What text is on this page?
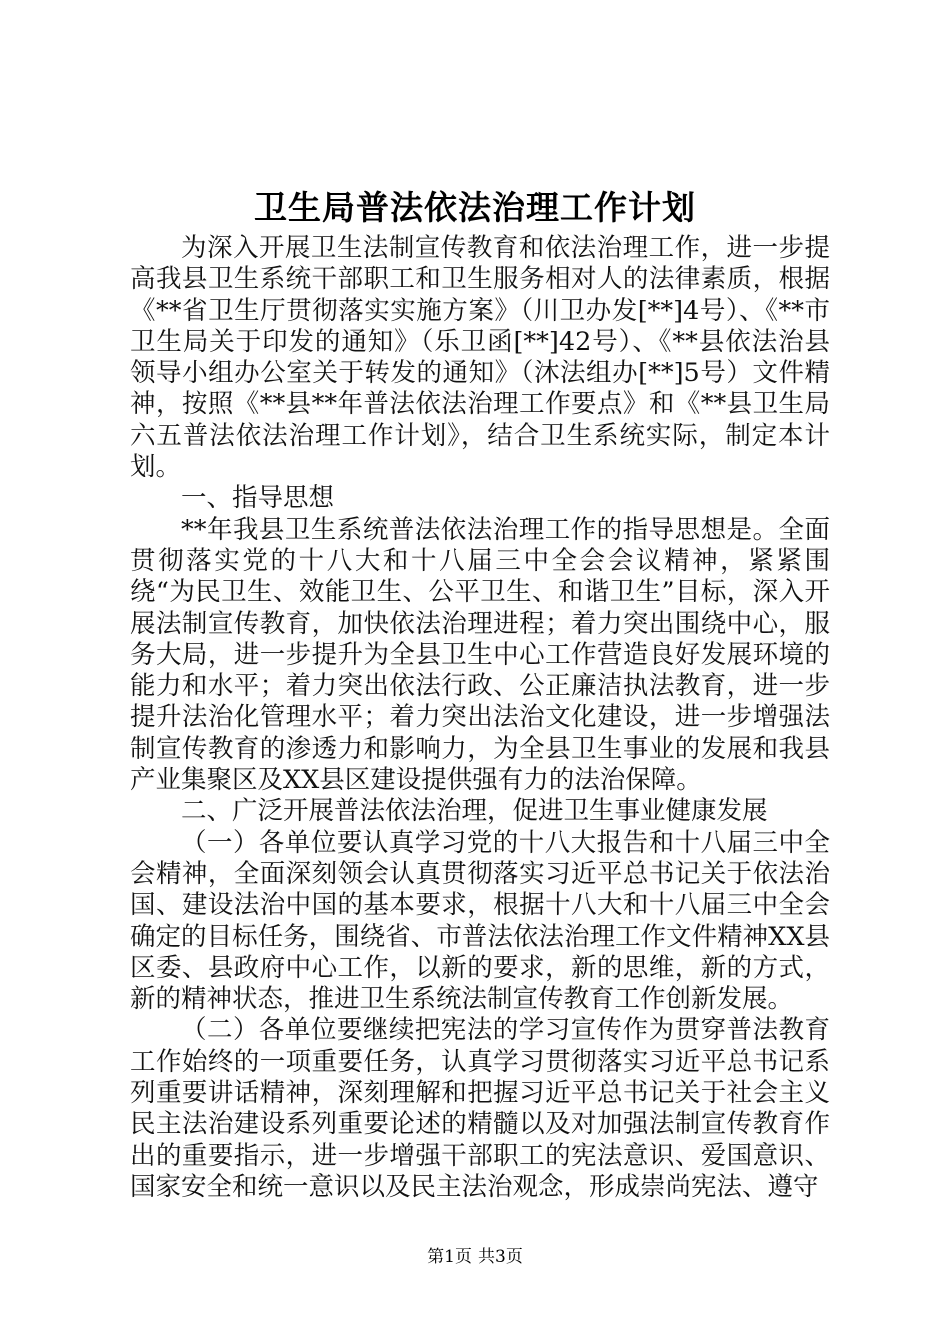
卫生局普法依法治理工作计划

为深入开展卫生法制宣传教育和依法治理工作，进一步提高我县卫生系统干部职工和卫生服务相对人的法律素质，根据《**省卫生厅贯彻落实实施方案》（川卫办发[**]4号）、《**市卫生局关于印发的通知》（乐卫函[**]42号）、《**县依法治县领导小组办公室关于转发的通知》（沐法组办[**]5号）文件精神，按照《**县**年普法依法治理工作要点》和《**县卫生局六五普法依法治理工作计划》，结合卫生系统实际，制定本计划。

一、指导思想

**年我县卫生系统普法依法治理工作的指导思想是。全面贯彻落实党的十八大和十八届三中全会会议精神，紧紧围绕“为民卫生、效能卫生、公平卫生、和谐卫生”目标，深入开展法制宣传教育，加快依法治理进程；着力突出围绕中心，服务大局，进一步提升为全县卫生中心工作营造良好发展环境的能力和水平；着力突出依法行政、公正廉洁执法教育，进一步提升法治化管理水平；着力突出法治文化建设，进一步增强法制宣传教育的渗透力和影响力，为全县卫生事业的发展和我县产业集聚区及XX县区建设提供强有力的法治保障。

二、广泛开展普法依法治理，促进卫生事业健康发展

（一）各单位要认真学习党的十八大报告和十八届三中全会精神，全面深刻领会认真贯彻落实习近平总书记关于依法治国、建设法治中国的基本要求，根据十八大和十八届三中全会确定的目标任务，围绕省、市普法依法治理工作文件精神XX县区委、县政府中心工作，以新的要求，新的思维，新的方式，新的精神状态，推进卫生系统法制宣传教育工作创新发展。

（二）各单位要继续把宪法的学习宣传作为贯穿普法教育工作始终的一项重要任务，认真学习贯彻落实习近平总书记系列重要讲话精神，深刻理解和把握习近平总书记关于社会主义民主法治建设系列重要论述的精髓以及对加强法制宣传教育作出的重要指示，进一步增强干部职工的宪法意识、爱国意识、国家安全和统一意识以及民主法治观念，形成崇尚宪法、遵守

第1页 共3页
